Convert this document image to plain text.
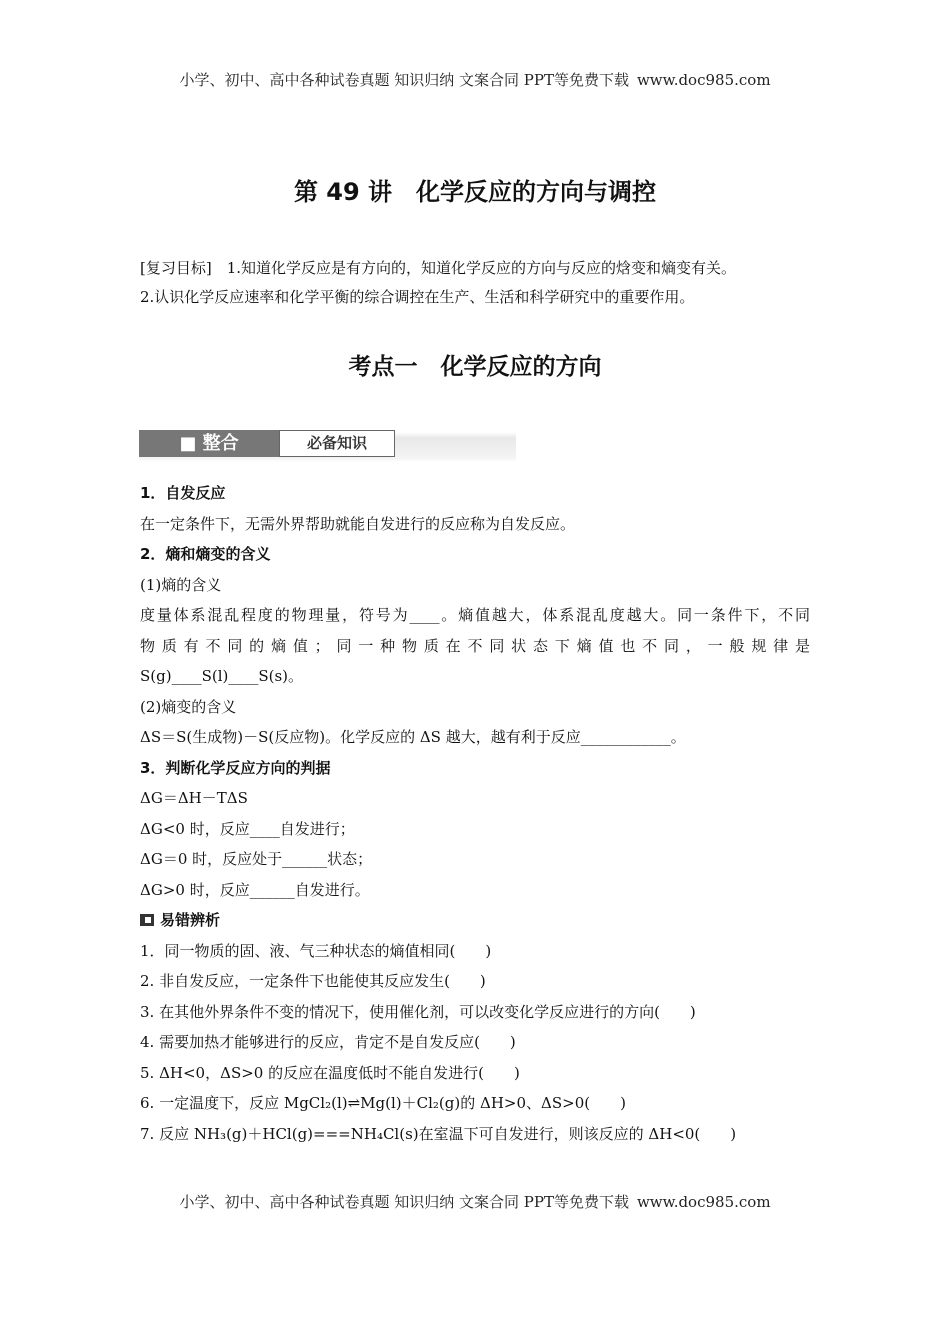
小学、初中、高中各种试卷真题 知识归纳 文案合同 PPT等免费下载 www.doc985.com
第 49 讲　化学反应的方向与调控
[复习目标]　 1.知道化学反应是有方向的，知道化学反应的方向与反应的焓变和熵变有关。
2.认识化学反应速率和化学平衡的综合调控在生产、生活和科学研究中的重要作用。
考点一　化学反应的方向
■ 整合	必备知识
1．自发反应
在一定条件下，无需外界帮助就能自发进行的反应称为自发反应。
2．熵和熵变的含义
(1)熵的含义
度量体系混乱程度的物理量，符号为____。熵值越大，体系混乱度越大。同一条件下，不同
物质有不同的熵值；同一种物质在不同状态下熵值也不同，一般规律是
S(g)____S(l)____S(s)。
(2)熵变的含义
ΔS＝S(生成物)－S(反应物)。化学反应的 ΔS 越大，越有利于反应____________。
3．判断化学反应方向的判据
ΔG＝ΔH－TΔS
ΔG<0 时，反应____自发进行；
ΔG＝0 时，反应处于______状态；
ΔG>0 时，反应______自发进行。
易错辨析
1．同一物质的固、液、气三种状态的熵值相同(　　)
2. 非自发反应，一定条件下也能使其反应发生(　　)
3. 在其他外界条件不变的情况下，使用催化剂，可以改变化学反应进行的方向(　　)
4. 需要加热才能够进行的反应，肯定不是自发反应(　　)
5. ΔH<0，ΔS>0 的反应在温度低时不能自发进行(　　)
6. 一定温度下，反应 MgCl₂(l)⇌Mg(l)＋Cl₂(g)的 ΔH>0、ΔS>0(　　)
7. 反应 NH₃(g)＋HCl(g)===NH₄Cl(s)在室温下可自发进行，则该反应的 ΔH<0(　　)
小学、初中、高中各种试卷真题 知识归纳 文案合同 PPT等免费下载 www.doc985.com
